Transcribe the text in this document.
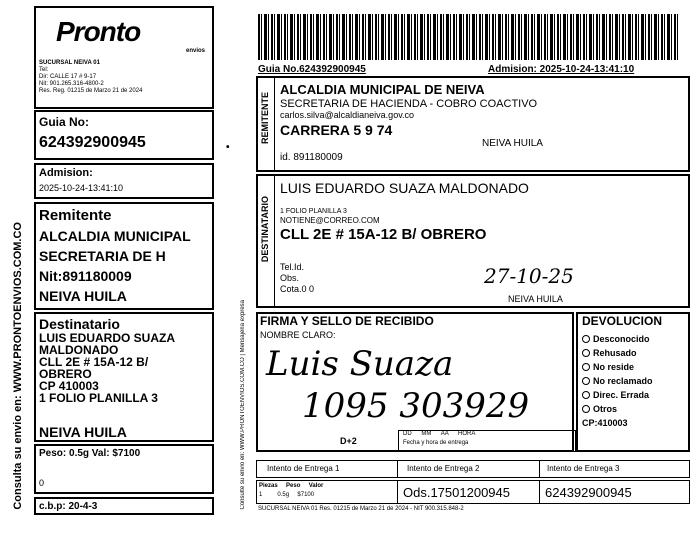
Consulta su envio en: WWW.PRONTOENVIOS.COM.CO
Pronto
envios
SUCURSAL NEIVA 01
Tel:
Dir: CALLE 17 # 9-17
Nit: 901.265.316-4800-2
Res. Reg. 01215 de Marzo 21 de 2024
Guia No:
624392900945
Admision:
2025-10-24-13:41:10
Remitente
ALCALDIA MUNICIPAL
SECRETARIA DE H
Nit:891180009
NEIVA HUILA
Destinatario
LUIS EDUARDO SUAZA
MALDONADO
CLL 2E # 15A-12 B/
OBRERO
CP 410003
1 FOLIO PLANILLA 3
NEIVA HUILA
Peso: 0.5g Val: $7100
0
c.b.p: 20-4-3
•
Guia No.624392900945	Admision: 2025-10-24-13:41:10
Consulte su envio en: WWW.PRONTOENVIOS.COM.CO | Mensajeria expresa
REMITENTE
ALCALDIA MUNICIPAL DE NEIVA
SECRETARIA DE HACIENDA - COBRO COACTIVO
carlos.silva@alcaldianeiva.gov.co
CARRERA 5 9 74
NEIVA HUILA
id. 891180009
DESTINATARIO
LUIS EDUARDO SUAZA MALDONADO
1 FOLIO PLANILLA 3
NOTIENE@CORREO.COM
CLL 2E # 15A-12 B/ OBRERO
Tel.Id.
Obs.
Cota.0 0
27-10-25
NEIVA HUILA
FIRMA Y SELLO DE RECIBIDO
NOMBRE CLARO:
Luis Suaza
1095 303929
D+2
DD MM AA HORA
Fecha y hora de entrega
DEVOLUCION
Desconocido
Rehusado
No reside
No reclamado
Direc. Errada
Otros
CP:410003
Intento de Entrega 1	Intento de Entrega 2	Intento de Entrega 3
Piezas Peso Valor
1	0.5g $7100	Ods.17501200945	624392900945
SUCURSAL NEIVA 01 Res. 01215 de Marzo 21 de 2024 - NIT 900.315.848-2
